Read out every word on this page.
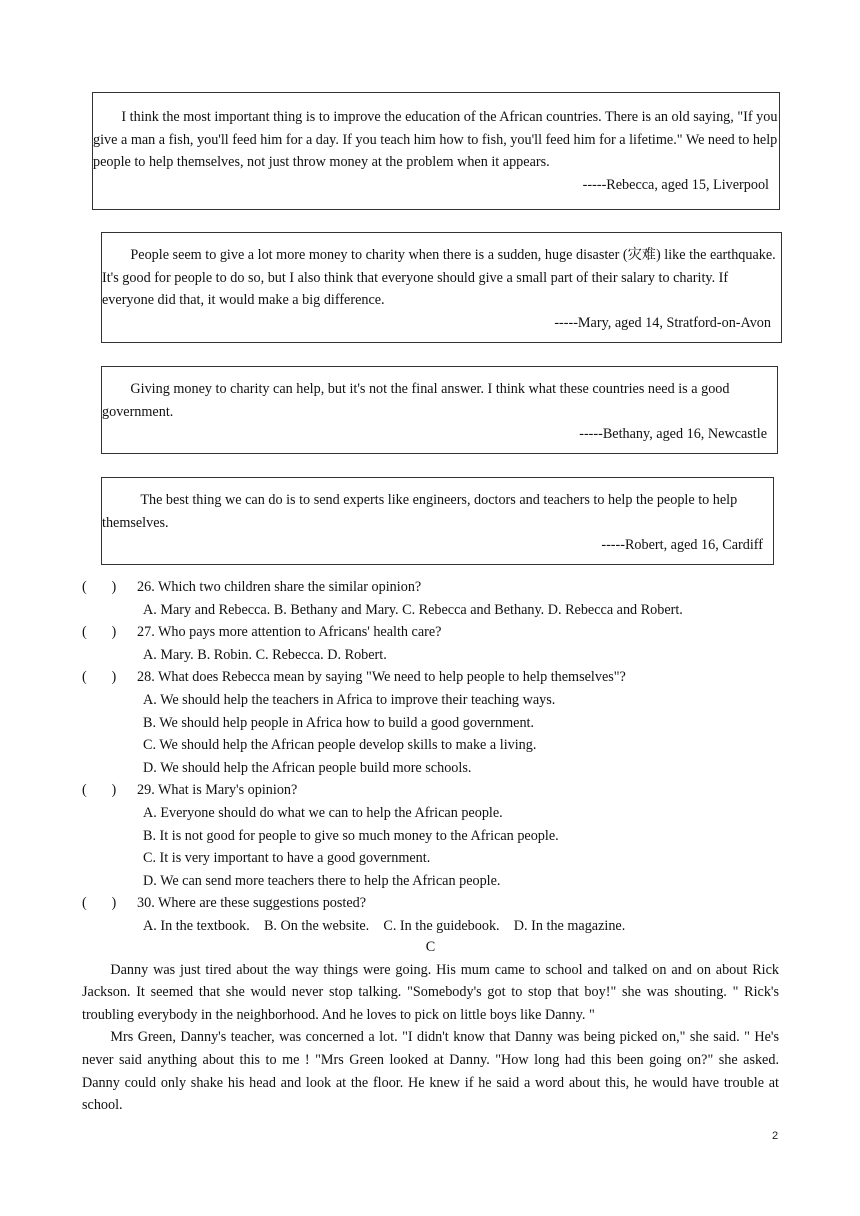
I think the most important thing is to improve the education of the African countries. There is an old saying, "If you give a man a fish, you'll feed him for a day. If you teach him how to fish, you'll feed him for a lifetime." We need to help people to help themselves, not just throw money at the problem when it appears.

-----Rebecca, aged 15, Liverpool

People seem to give a lot more money to charity when there is a sudden, huge disaster (灾难) like the earthquake. It's good for people to do so, but I also think that everyone should give a small part of their salary to charity. If    everyone did that, it would make a big difference.

-----Mary, aged 14, Stratford-on-Avon

Giving money to charity can help, but it's not the final answer. I think what these countries need is a good government.

-----Bethany, aged 16, Newcastle

The best thing we can do is to send experts like engineers, doctors and teachers to help the people to help themselves.

-----Robert, aged 16, Cardiff

(       )	26. Which two children share the similar opinion?
A. Mary and Rebecca. B. Bethany and Mary. C. Rebecca and Bethany. D. Rebecca and Robert.
(       )	27. Who pays more attention to Africans' health care?
A. Mary. B. Robin. C. Rebecca. D. Robert.
(       )	28. What does Rebecca mean by saying "We need to help people to help themselves"?
A. We should help the teachers in Africa to improve their teaching ways.
B. We should help people in Africa how to build a good government.
C. We should help the African people develop skills to make a living.
D. We should help the African people build more schools.
(       )	29. What is Mary's opinion?
A. Everyone should do what we can to help the African people.
B. It is not good for people to give so much money to the African people.
C. It is very important to have a good government.
D. We can send more teachers there to help the African people.
(       )	30. Where are these suggestions posted?
A. In the textbook.    B. On the website.    C. In the guidebook.    D. In the magazine.
C

Danny was just tired about the way things were going. His mum came to school and talked on and on about Rick Jackson. It seemed that she would never stop talking. "Somebody's got to stop that boy!" she was shouting. " Rick's troubling everybody in the neighborhood. And he loves to pick on little boys like Danny. "

Mrs Green, Danny's teacher, was concerned a lot. "I didn't know that Danny was being picked on," she said. " He's never said anything about this to me ! "Mrs Green looked at Danny. "How long had this been going on?" she asked. Danny could only shake his head and look at the floor. He knew if he said a word about this, he would have trouble at school.

2
